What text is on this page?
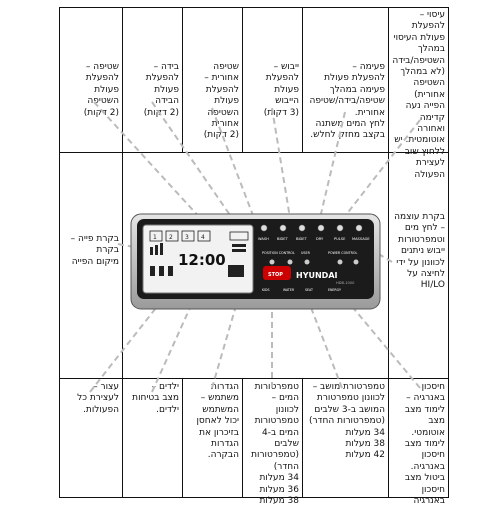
עיסוי –
להפעלת
פעולת העיסוי
במהלך
השטיפה/בידה
(לא במהלך
השטיפה
אחורית)
הפייה נעה
קדימה ואחורה
אוטומטית. יש
ללחוץ שוב
לעצירת
הפעולה
פעימה –
להפעלת פעולת
פעימה במהלך
שטיפה/בידה/שטיפה
אחורית.
לחץ המים משתנה
בקצב מחזק לחלש.
ייבוש –
להפעלת
פעולת
הייבוש
(3 דקות)
שטיפה
אחורית –
להפעלת
פעולת
השטיפה
אחורית
(2 דקות)
בידה –
להפעלת
פעולת
הבידה
(2 דקות)
שטיפה –
להפעלת
פעולת
השטיפה
(2 דקות)
בקרת פייה –
בקרת
מיקום הפייה
בקרת עוצמה
– לחץ מים
וטמפרטורות
ייבוש ניתנים
לכוונון על ידי
לחיצה על
HI/LO
חיסכון
באנרגיה –
לימוד מצב
מצב אוטומטי.
לימוד מצב
חיסכון
באנרגיה.
ביטול מצב
חיסכון
באנרגיה
טמפרטורת מושב –
לכוונון טמפרטורת
המושב ב-3 שלבים
(טמפרטורות החדר)
34 מעלות
38 מעלות
42 מעלות
טמפרטורות
המים –
לכוונון
טמפרטורות
המים ב-4
שלבים
(טמפרטורות
החדר)
34 מעלות
36 מעלות
38 מעלות
הגדרות
משתמש –
המשתמש
יכול לאחסן
בזיכרון את
הגדרות
הבקרה.
ילדים –
מצב בטיחות
ילדים.
עצור –
לעצירת כל
הפעולות.
1 2 3 4
12:00
WASH BIDET BIDET	DRY	PULSE MASSAGE
POSITION CONTROL USER	POWER CONTROL
STOP HYUNDAI
HDB-1000
KIDS	WATER	SEAT	ENERGY
